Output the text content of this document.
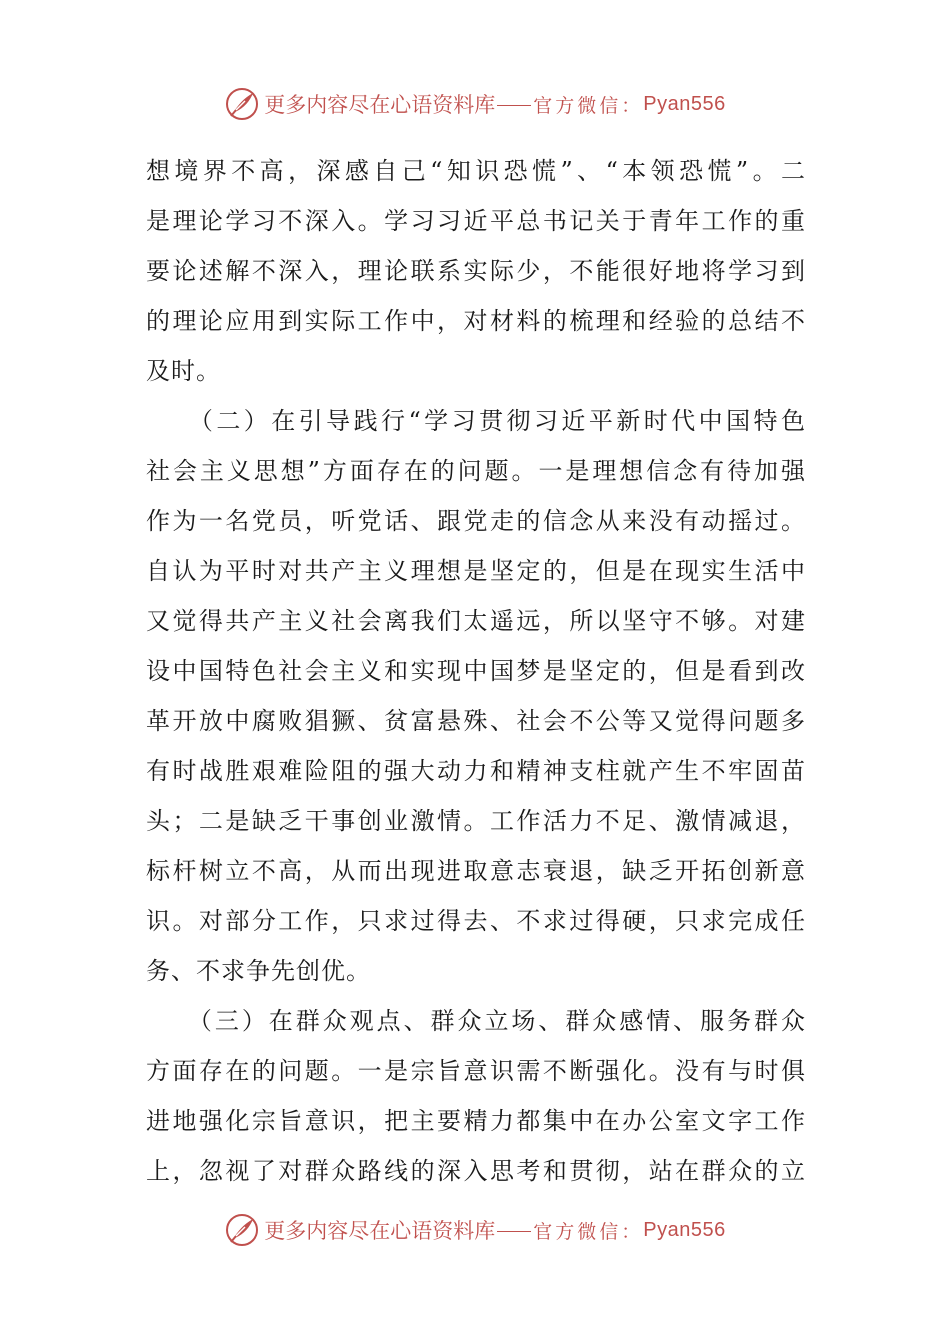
更多内容尽在心语资料库 官方微信： Pyan556
想境界不高，深感自己“知识恐慌”、“本领恐慌”。二
是理论学习不深入。学习习近平总书记关于青年工作的重
要论述解不深入，理论联系实际少，不能很好地将学习到
的理论应用到实际工作中，对材料的梳理和经验的总结不
及时。
　　（二）在引导践行“学习贯彻习近平新时代中国特色
社会主义思想”方面存在的问题。一是理想信念有待加强
作为一名党员，听党话、跟党走的信念从来没有动摇过。
自认为平时对共产主义理想是坚定的，但是在现实生活中
又觉得共产主义社会离我们太遥远，所以坚守不够。对建
设中国特色社会主义和实现中国梦是坚定的，但是看到改
革开放中腐败猖獗、贫富悬殊、社会不公等又觉得问题多
有时战胜艰难险阻的强大动力和精神支柱就产生不牢固苗
头；二是缺乏干事创业激情。工作活力不足、激情减退，
标杆树立不高，从而出现进取意志衰退，缺乏开拓创新意
识。对部分工作，只求过得去、不求过得硬，只求完成任
务、不求争先创优。
　　（三）在群众观点、群众立场、群众感情、服务群众
方面存在的问题。一是宗旨意识需不断强化。没有与时俱
进地强化宗旨意识，把主要精力都集中在办公室文字工作
上，忽视了对群众路线的深入思考和贯彻，站在群众的立
更多内容尽在心语资料库 官方微信： Pyan556
